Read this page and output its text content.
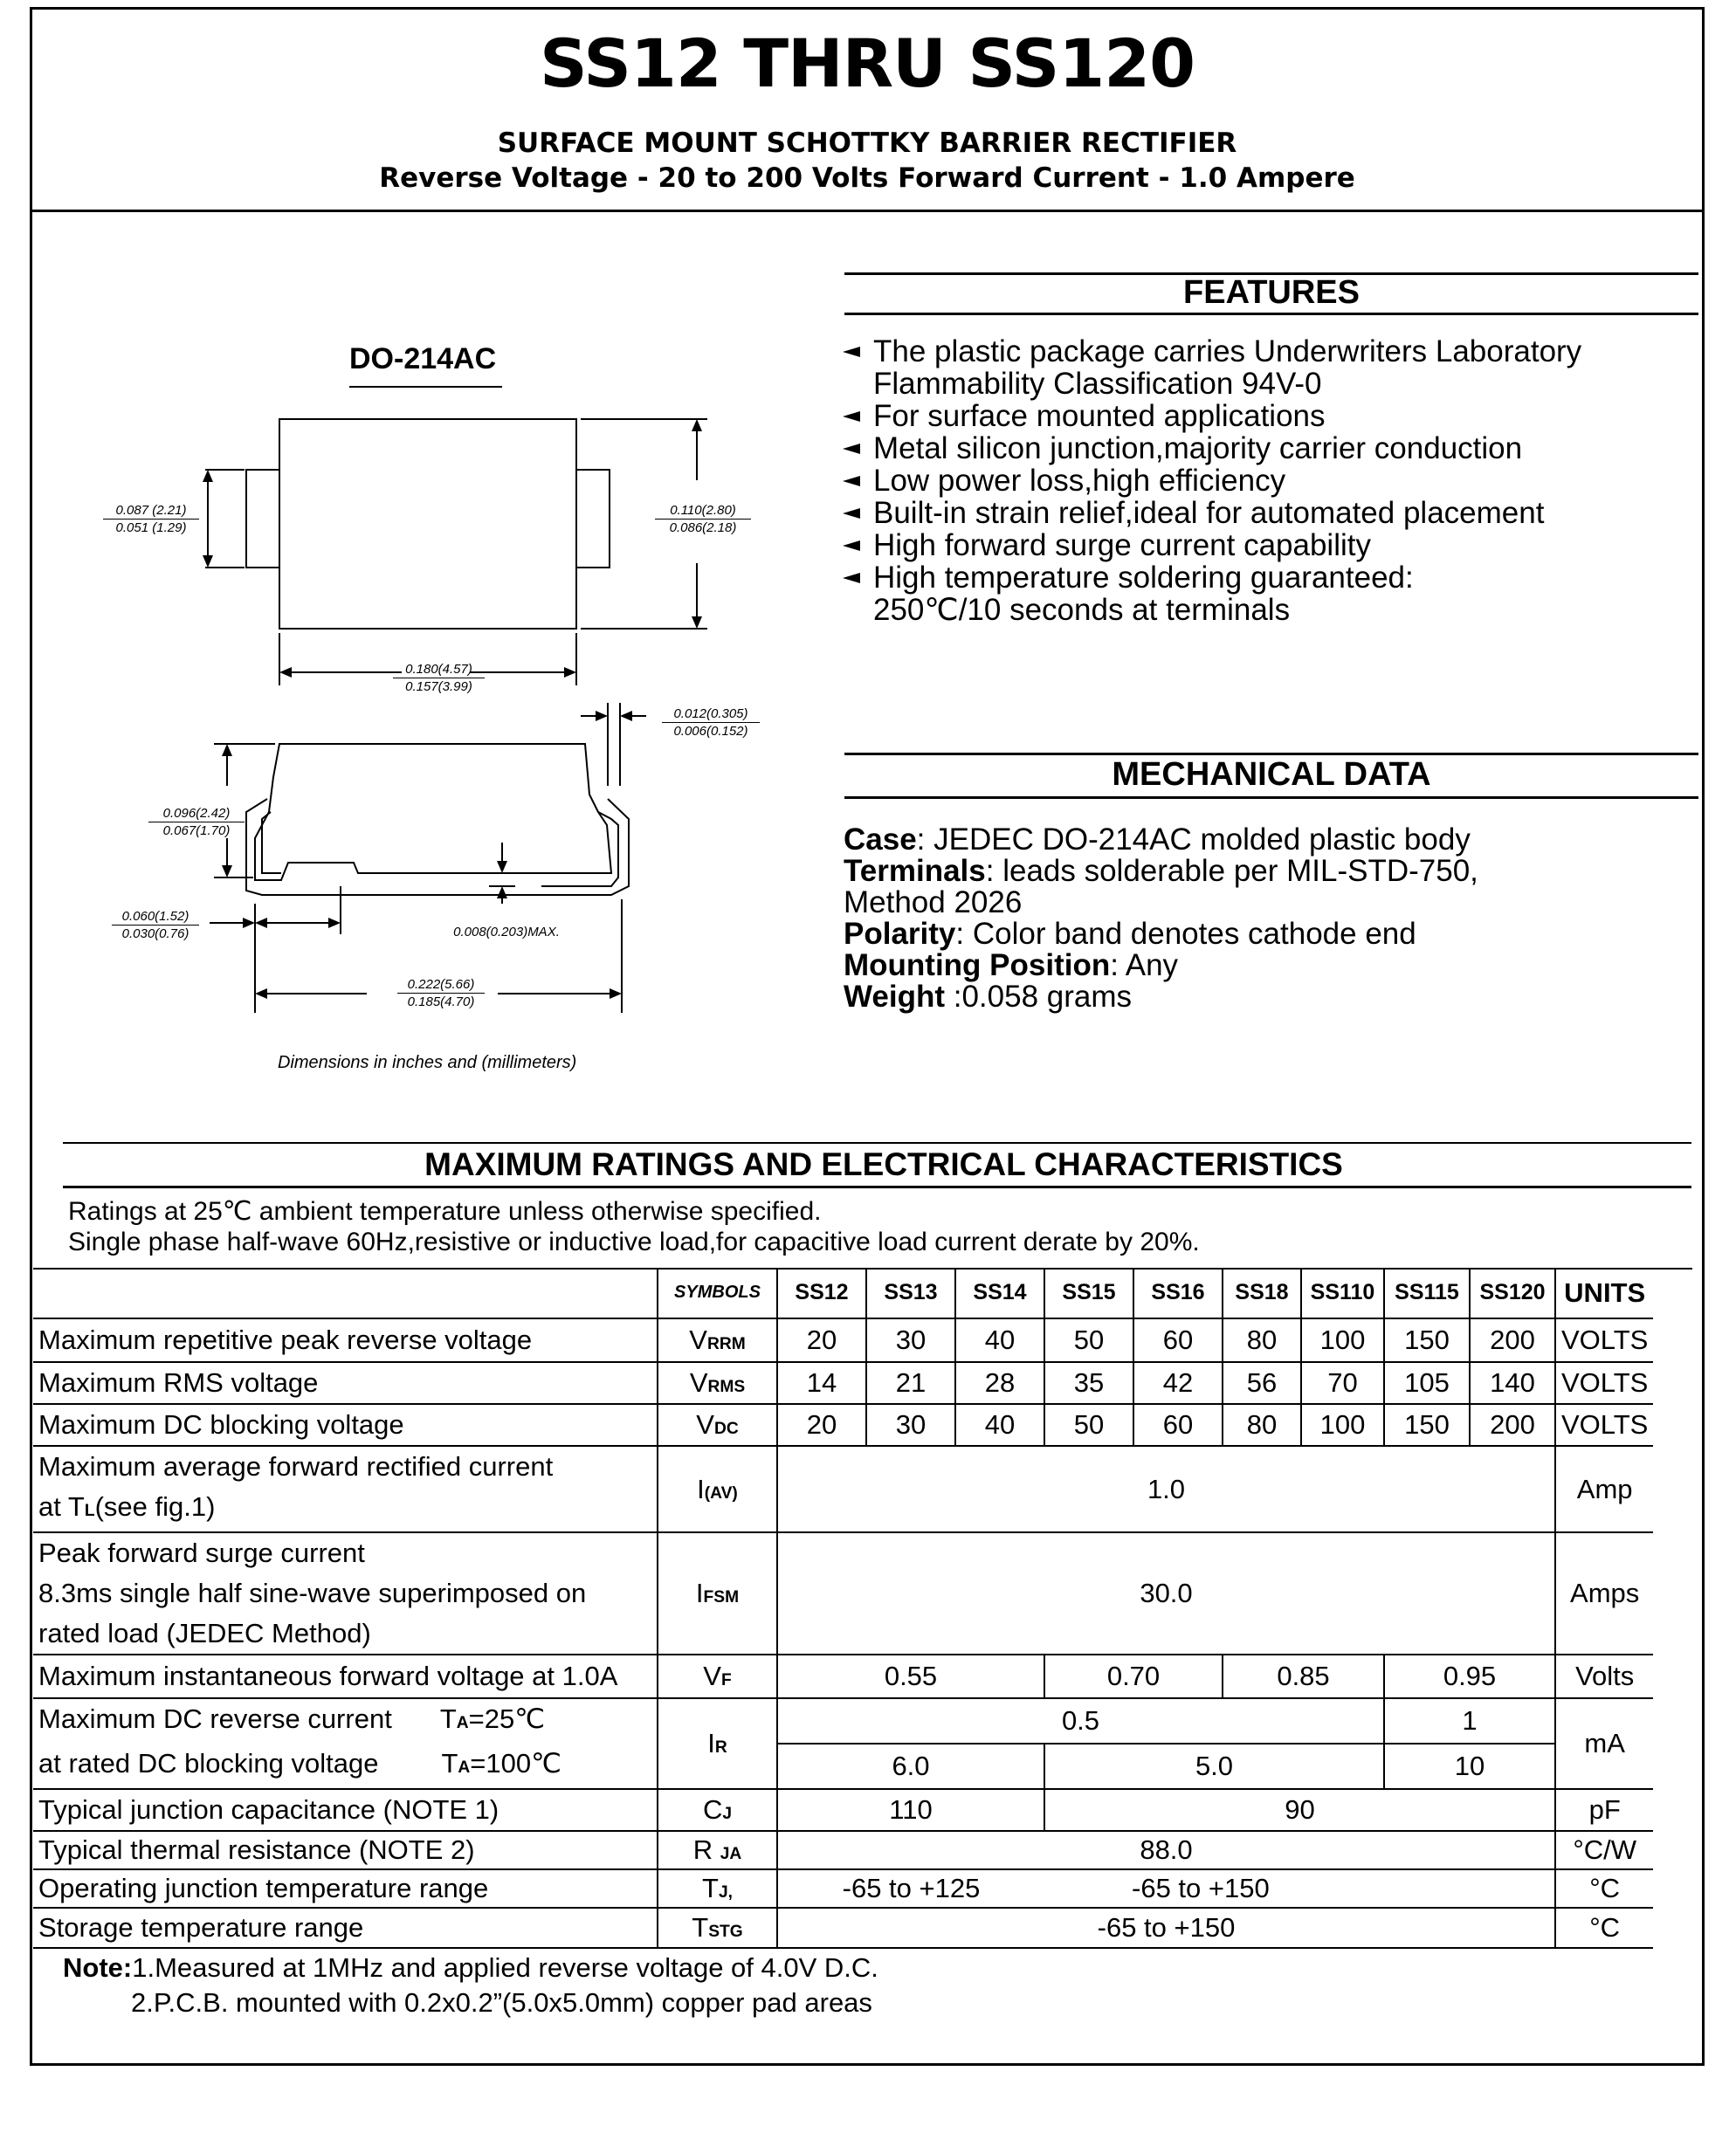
SS12 THRU SS120
SURFACE MOUNT SCHOTTKY BARRIER RECTIFIER
Reverse Voltage - 20 to 200 Volts Forward Current - 1.0 Ampere
DO-214AC
0.087 (2.21)
0.051 (1.29)
0.110(2.80)
0.086(2.18)
0.180(4.57)
0.157(3.99)
0.012(0.305)
0.006(0.152)
0.096(2.42)
0.067(1.70)
0.060(1.52)
0.030(0.76)	0.008(0.203)MAX.
0.222(5.66)
0.185(4.70)
Dimensions in inches and (millimeters)
FEATURES
The plastic package carries Underwriters Laboratory
Flammability Classification 94V-0
For surface mounted applications
Metal silicon junction,majority carrier conduction
Low power loss,high efficiency
Built-in strain relief,ideal for automated placement
High forward surge current capability
High temperature soldering guaranteed:
250℃/10 seconds at terminals
MECHANICAL DATA
Case: JEDEC DO-214AC molded plastic body
Terminals: leads solderable per MIL-STD-750,
Method 2026
Polarity: Color band denotes cathode end
Mounting Position: Any
Weight :0.058 grams
MAXIMUM RATINGS AND ELECTRICAL CHARACTERISTICS
Ratings at 25℃ ambient temperature unless otherwise specified.
Single phase half-wave 60Hz,resistive or inductive load,for capacitive load current derate by 20%.
	SYMBOLS	SS12	SS13	SS14	SS15	SS16	SS18	SS110	SS115	SS120	UNITS
Maximum repetitive peak reverse voltage	VRRM	20	30	40	50	60	80	100	150	200	VOLTS
Maximum RMS voltage	VRMS	14	21	28	35	42	56	70	105	140	VOLTS
Maximum DC blocking voltage	VDC	20	30	40	50	60	80	100	150	200	VOLTS

Maximum average forward rectified current
at TL(see fig.1)	I(AV)	1.0									Amp

Peak forward surge current
8.3ms single half sine-wave superimposed on
rated load (JEDEC Method)	IFSM	30.0									Amps
Maximum instantaneous forward voltage at 1.0A	VF	0.55			0.70		0.85		0.95		Volts

Maximum DC reverse current TA=25℃
at rated DC blocking voltage TA=100℃	IR	0.5							1		mA
		6.0			5.0				10		
Typical junction capacitance (NOTE 1)	CJ	110			90						pF
Typical thermal resistance (NOTE 2)	R JA	88.0									°C/W
Operating junction temperature range	TJ,	-65 to +125			-65 to +150						°C
Storage temperature range	TSTG	-65 to +150									°C
Note:1.Measured at 1MHz and applied reverse voltage of 4.0V D.C.
2.P.C.B. mounted with 0.2x0.2”(5.0x5.0mm) copper pad areas
